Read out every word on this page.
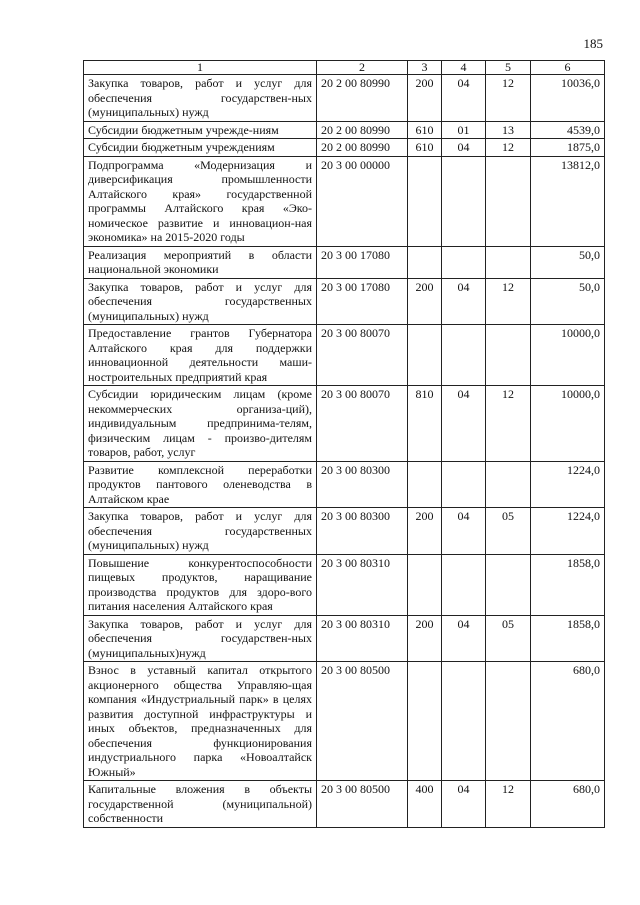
185
1	2	3	4	5	6
Закупка товаров, работ и услуг для обеспечения государствен-ных (муниципальных) нужд	20 2 00 80990	200	04	12	10036,0
Субсидии бюджетным учрежде-ниям	20 2 00 80990	610	01	13	4539,0
Субсидии бюджетным учреждениям	20 2 00 80990	610	04	12	1875,0
Подпрограмма «Модернизация и диверсификация промышленности Алтайского края» государственной программы Алтайского края «Эко-номическое развитие и инновацион-ная экономика» на 2015-2020 годы	20 3 00 00000				13812,0
Реализация мероприятий в области национальной экономики	20 3 00 17080				50,0
Закупка товаров, работ и услуг для обеспечения государственных (муниципальных) нужд	20 3 00 17080	200	04	12	50,0
Предоставление грантов Губернатора Алтайского края для поддержки инновационной деятельности маши-ностроительных предприятий края	20 3 00 80070				10000,0
Субсидии юридическим лицам (кроме некоммерческих организа-ций), индивидуальным предпринима-телям, физическим лицам - произво-дителям товаров, работ, услуг	20 3 00 80070	810	04	12	10000,0
Развитие комплексной переработки продуктов пантового оленеводства в Алтайском крае	20 3 00 80300				1224,0
Закупка товаров, работ и услуг для обеспечения государственных (муниципальных) нужд	20 3 00 80300	200	04	05	1224,0
Повышение конкурентоспособности пищевых продуктов, наращивание производства продуктов для здоро-вого питания населения Алтайского края	20 3 00 80310				1858,0
Закупка товаров, работ и услуг для обеспечения государствен-ных (муниципальных)нужд	20 3 00 80310	200	04	05	1858,0
Взнос в уставный капитал открытого акционерного общества Управляю-щая компания «Индустриальный парк» в целях развития доступной инфраструктуры и иных объектов, предназначенных для обеспечения функционирования индустриального парка «Новоалтайск Южный»	20 3 00 80500				680,0
Капитальные вложения в объекты государственной (муниципальной) собственности	20 3 00 80500	400	04	12	680,0
